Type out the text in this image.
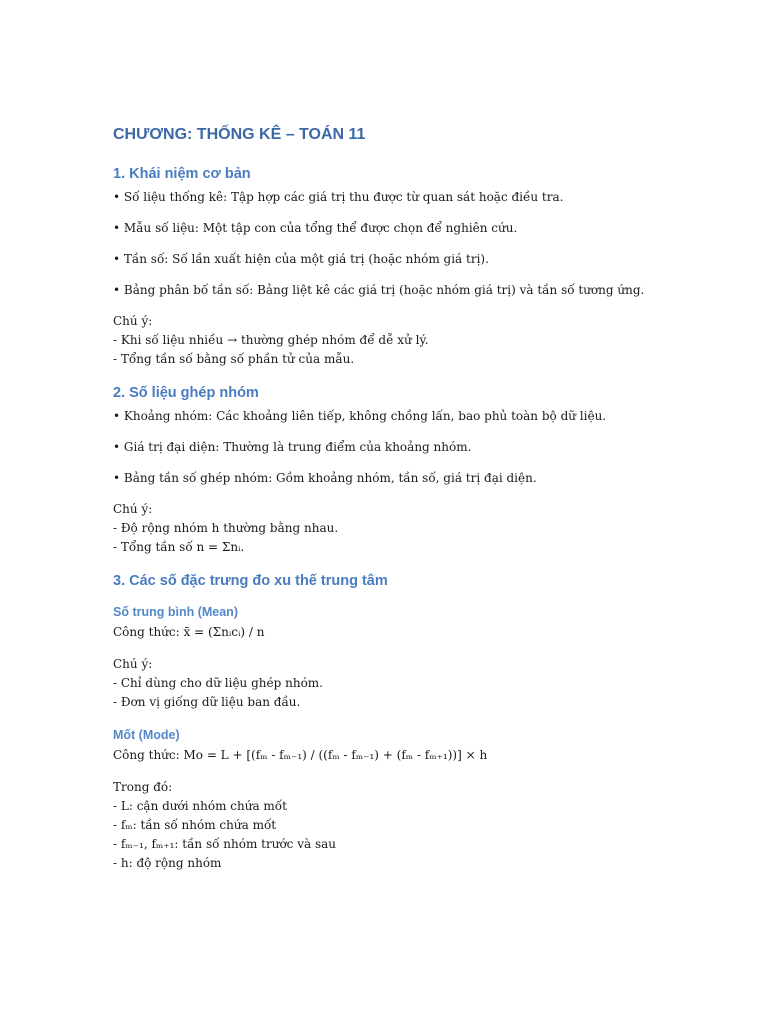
CHƯƠNG: THỐNG KÊ – TOÁN 11
1. Khái niệm cơ bản
• Số liệu thống kê: Tập hợp các giá trị thu được từ quan sát hoặc điều tra.
• Mẫu số liệu: Một tập con của tổng thể được chọn để nghiên cứu.
• Tần số: Số lần xuất hiện của một giá trị (hoặc nhóm giá trị).
• Bảng phân bố tần số: Bảng liệt kê các giá trị (hoặc nhóm giá trị) và tần số tương ứng.
Chú ý:
- Khi số liệu nhiều → thường ghép nhóm để dễ xử lý.
- Tổng tần số bằng số phần tử của mẫu.
2. Số liệu ghép nhóm
• Khoảng nhóm: Các khoảng liên tiếp, không chồng lấn, bao phủ toàn bộ dữ liệu.
• Giá trị đại diện: Thường là trung điểm của khoảng nhóm.
• Bảng tần số ghép nhóm: Gồm khoảng nhóm, tần số, giá trị đại diện.
Chú ý:
- Độ rộng nhóm h thường bằng nhau.
- Tổng tần số n = Σnᵢ.
3. Các số đặc trưng đo xu thế trung tâm
Số trung bình (Mean)
Công thức: x̄ = (Σnᵢcᵢ) / n
Chú ý:
- Chỉ dùng cho dữ liệu ghép nhóm.
- Đơn vị giống dữ liệu ban đầu.
Mốt (Mode)
Công thức: Mo = L + [(fₘ - fₘ₋₁) / ((fₘ - fₘ₋₁) + (fₘ - fₘ₊₁))] × h
Trong đó:
- L: cận dưới nhóm chứa mốt
- fₘ: tần số nhóm chứa mốt
- fₘ₋₁, fₘ₊₁: tần số nhóm trước và sau
- h: độ rộng nhóm
